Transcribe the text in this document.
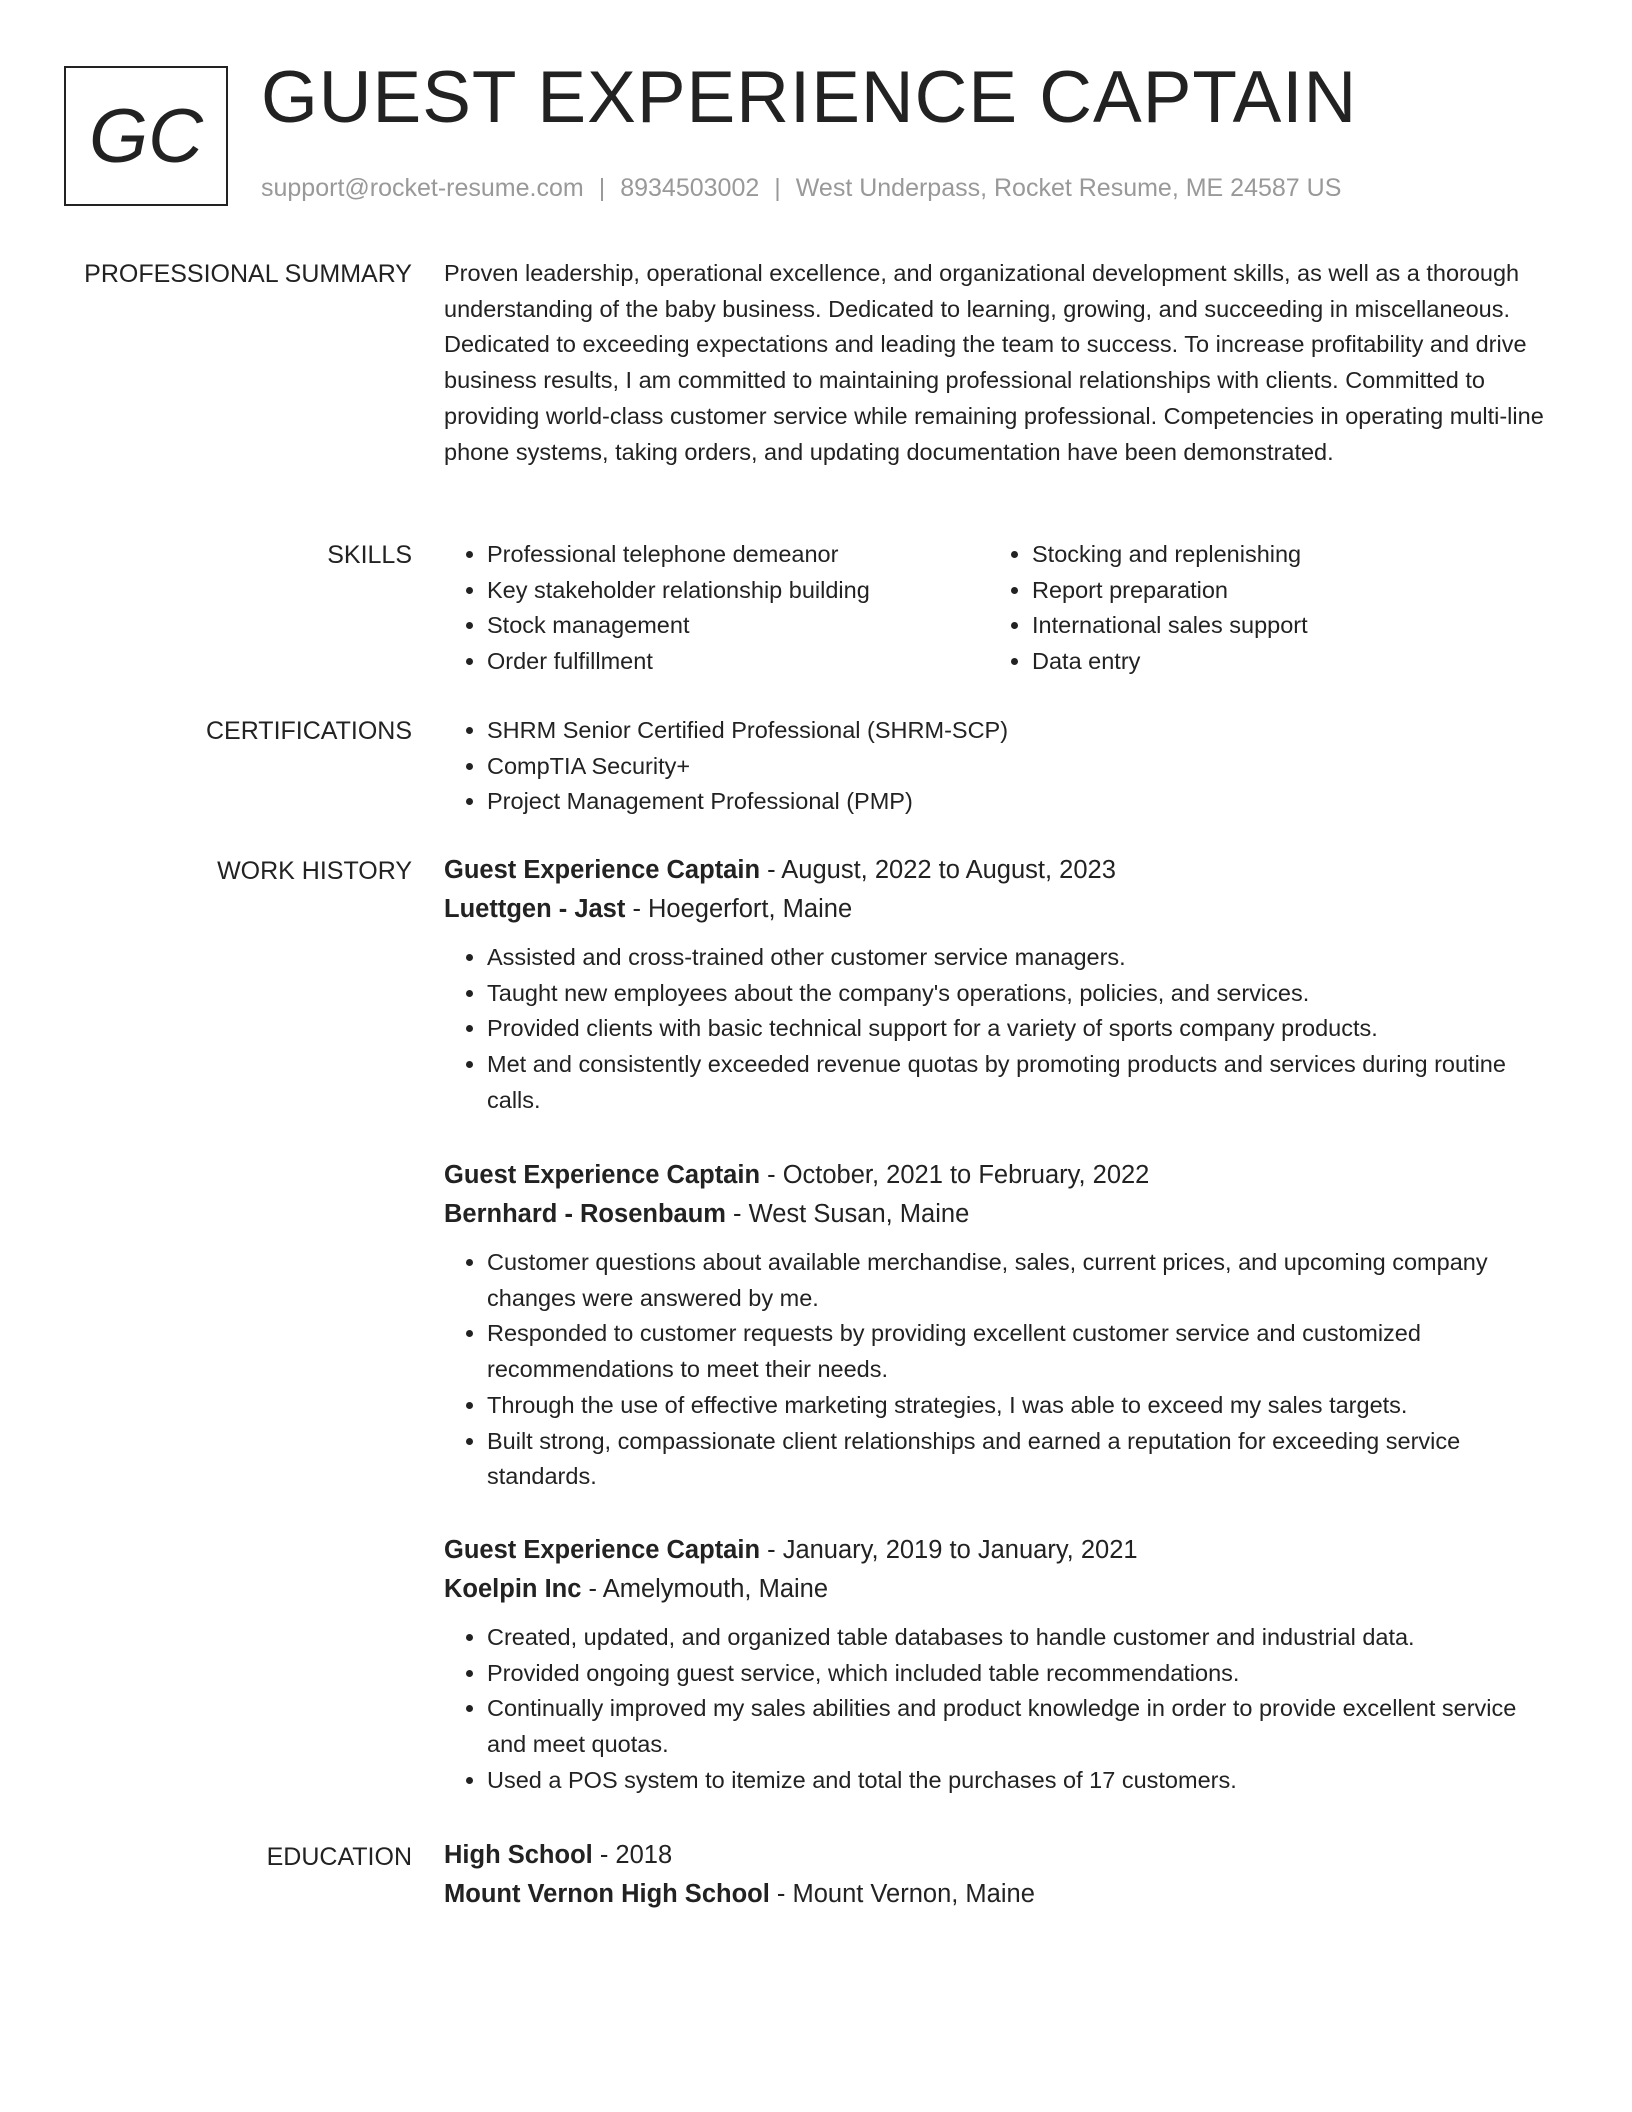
GC GUEST EXPERIENCE CAPTAIN
support@rocket-resume.com | 8934503002 | West Underpass, Rocket Resume, ME 24587 US
PROFESSIONAL SUMMARY Proven leadership, operational excellence, and organizational development skills, as well as a thorough understanding of the baby business. Dedicated to learning, growing, and succeeding in miscellaneous. Dedicated to exceeding expectations and leading the team to success. To increase profitability and drive business results, I am committed to maintaining professional relationships with clients. Committed to providing world-class customer service while remaining professional. Competencies in operating multi-line phone systems, taking orders, and updating documentation have been demonstrated.

SKILLS	• Professional telephone demeanor
• Key stakeholder relationship building
• Stock management
• Order fulfillment
• Stocking and replenishing
• Report preparation
• International sales support
• Data entry
CERTIFICATIONS	• SHRM Senior Certified Professional (SHRM-SCP)
• CompTIA Security+
• Project Management Professional (PMP)
WORK HISTORY Guest Experience Captain - August, 2022 to August, 2023
Luettgen - Jast - Hoegerfort, Maine
• Assisted and cross-trained other customer service managers.
• Taught new employees about the company's operations, policies, and services.
• Provided clients with basic technical support for a variety of sports company products.
• Met and consistently exceeded revenue quotas by promoting products and services during routine calls.
Guest Experience Captain - October, 2021 to February, 2022
Bernhard - Rosenbaum - West Susan, Maine
• Customer questions about available merchandise, sales, current prices, and upcoming company changes were answered by me.
• Responded to customer requests by providing excellent customer service and customized recommendations to meet their needs.
• Through the use of effective marketing strategies, I was able to exceed my sales targets.
• Built strong, compassionate client relationships and earned a reputation for exceeding service standards.
Guest Experience Captain - January, 2019 to January, 2021
Koelpin Inc - Amelymouth, Maine
• Created, updated, and organized table databases to handle customer and industrial data.
• Provided ongoing guest service, which included table recommendations.
• Continually improved my sales abilities and product knowledge in order to provide excellent service and meet quotas.
• Used a POS system to itemize and total the purchases of 17 customers.
EDUCATION High School - 2018
Mount Vernon High School - Mount Vernon, Maine
